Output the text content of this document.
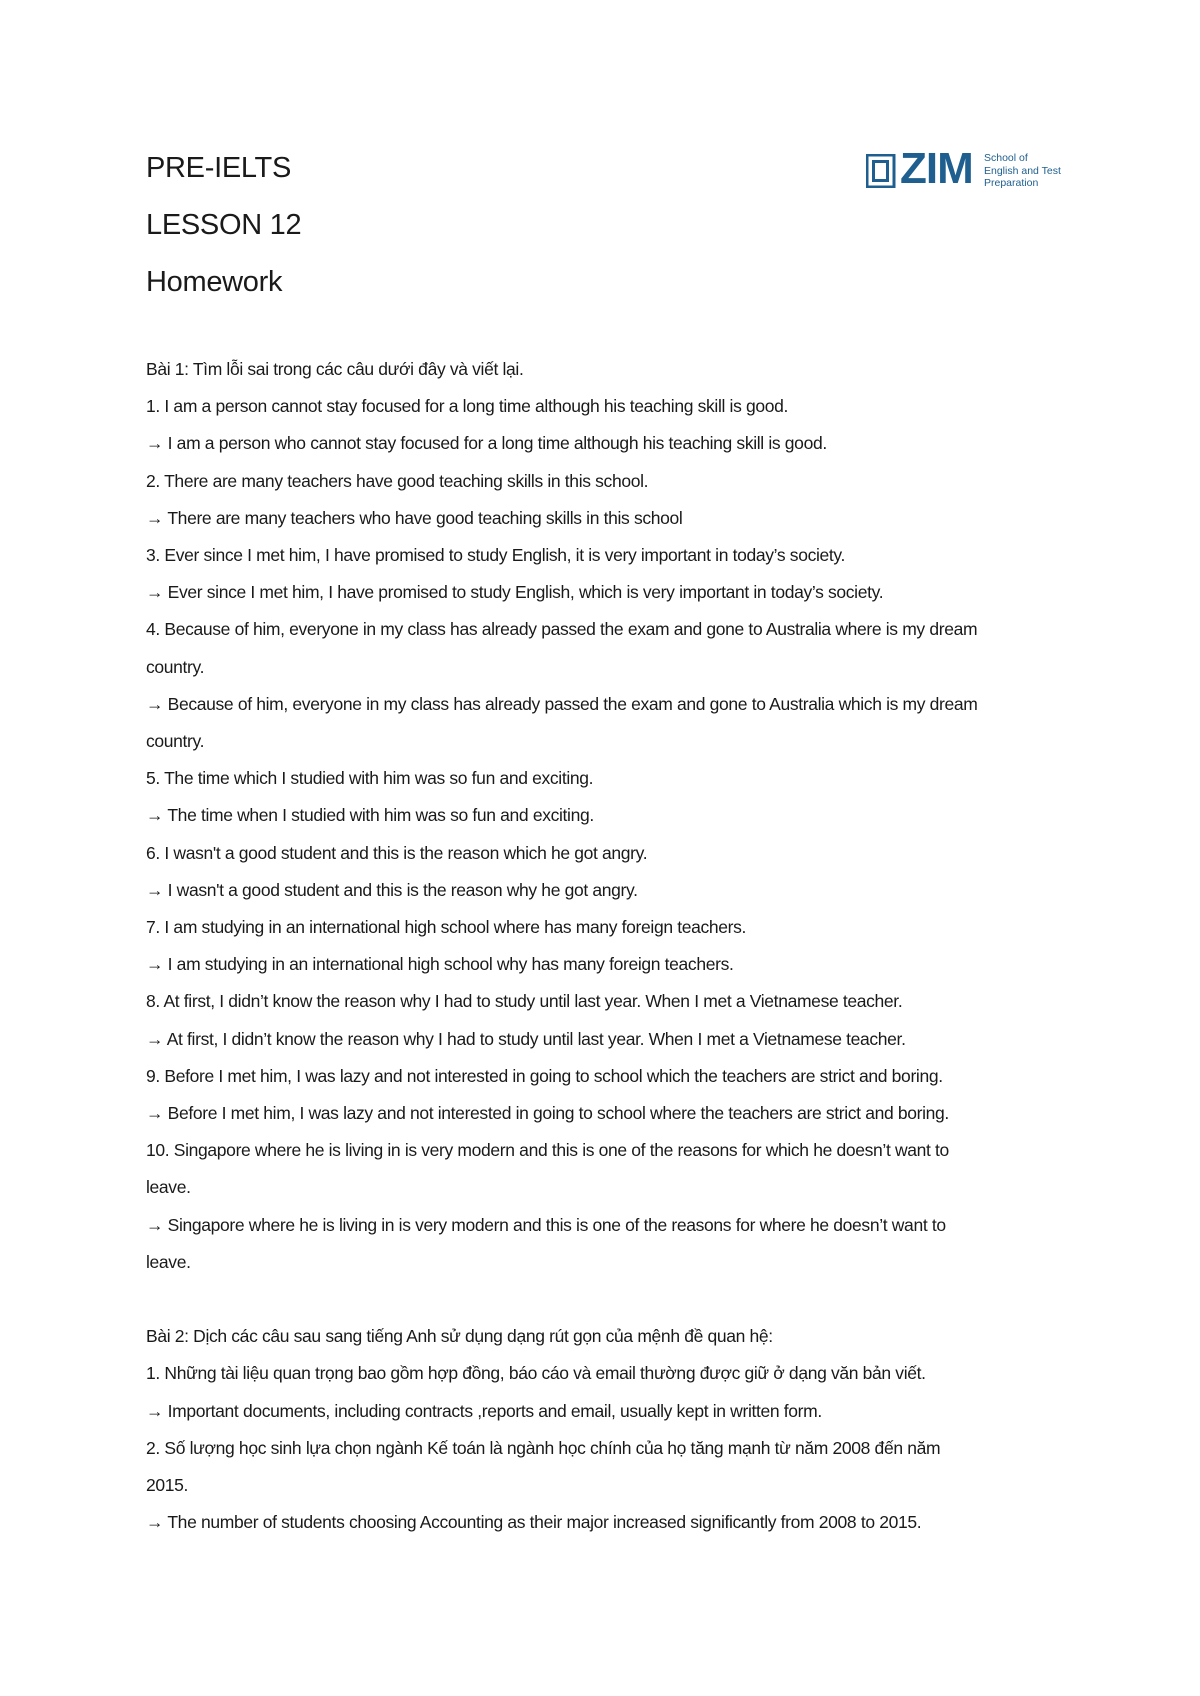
PRE-IELTS
LESSON 12
Homework
ZIM School of
English and Test
Preparation
Bài 1: Tìm lỗi sai trong các câu dưới đây và viết lại.
1. I am a person cannot stay focused for a long time although his teaching skill is good.
→ I am a person who cannot stay focused for a long time although his teaching skill is good.
2. There are many teachers have good teaching skills in this school.
→ There are many teachers who have good teaching skills in this school
3. Ever since I met him, I have promised to study English, it is very important in today’s society.
→ Ever since I met him, I have promised to study English, which is very important in today’s society.
4. Because of him, everyone in my class has already passed the exam and gone to Australia where is my dream
country.
→ Because of him, everyone in my class has already passed the exam and gone to Australia which is my dream
country.
5. The time which I studied with him was so fun and exciting.
→ The time when I studied with him was so fun and exciting.
6. I wasn't a good student and this is the reason which he got angry.
→ I wasn't a good student and this is the reason why he got angry.
7. I am studying in an international high school where has many foreign teachers.
→ I am studying in an international high school why has many foreign teachers.
8. At first, I didn’t know the reason why I had to study until last year. When I met a Vietnamese teacher.
→ At first, I didn’t know the reason why I had to study until last year. When I met a Vietnamese teacher.
9. Before I met him, I was lazy and not interested in going to school which the teachers are strict and boring.
→ Before I met him, I was lazy and not interested in going to school where the teachers are strict and boring.
10. Singapore where he is living in is very modern and this is one of the reasons for which he doesn’t want to
leave.
→ Singapore where he is living in is very modern and this is one of the reasons for where he doesn’t want to
leave.
Bài 2: Dịch các câu sau sang tiếng Anh sử dụng dạng rút gọn của mệnh đề quan hệ:
1. Những tài liệu quan trọng bao gồm hợp đồng, báo cáo và email thường được giữ ở dạng văn bản viết.
→ Important documents, including contracts ,reports and email, usually kept in written form.
2. Số lượng học sinh lựa chọn ngành Kế toán là ngành học chính của họ tăng mạnh từ năm 2008 đến năm
2015.
→ The number of students choosing Accounting as their major increased significantly from 2008 to 2015.
